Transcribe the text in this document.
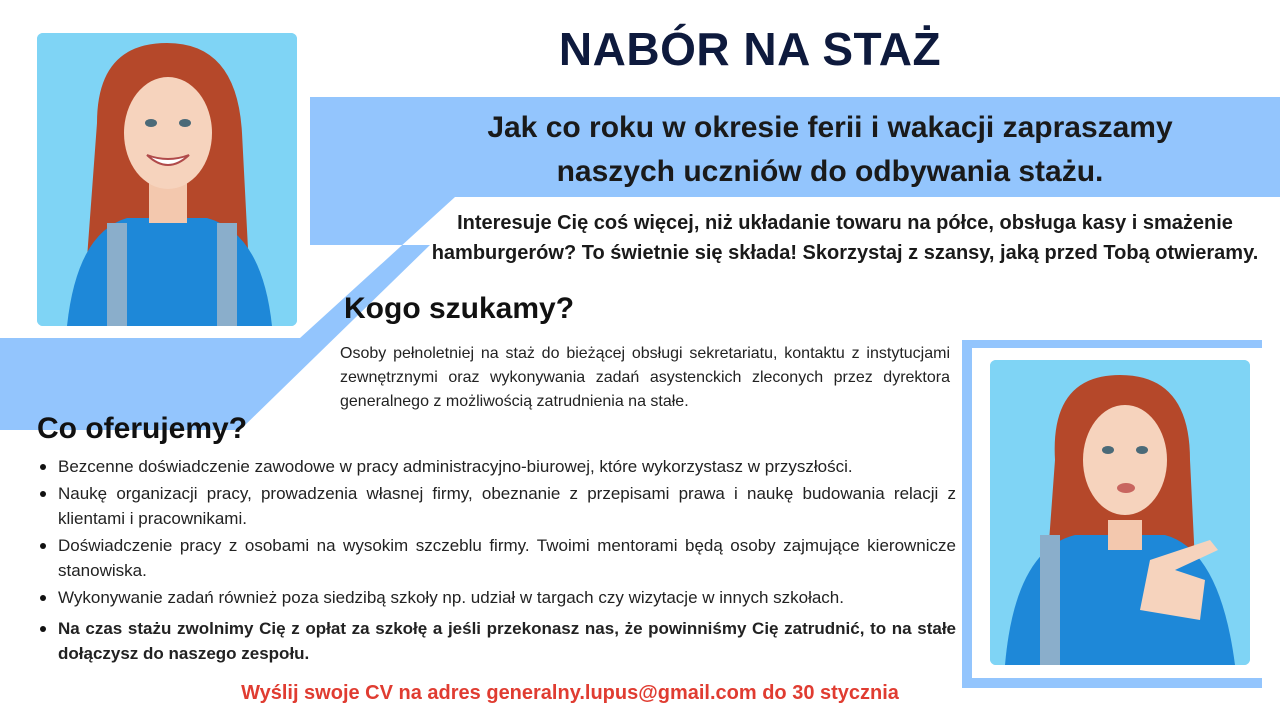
NABÓR NA STAŻ
Jak co roku w okresie ferii i wakacji zapraszamy
naszych uczniów do odbywania stażu.
Interesuje Cię coś więcej, niż układanie towaru na półce, obsługa kasy i smażenie hamburgerów? To świetnie się składa! Skorzystaj z szansy, jaką przed Tobą otwieramy.
Kogo szukamy?
Osoby pełnoletniej na staż do bieżącej obsługi sekretariatu, kontaktu z instytucjami zewnętrznymi oraz wykonywania zadań asystenckich zleconych przez dyrektora generalnego z możliwością zatrudnienia na stałe.
Co oferujemy?
Bezcenne doświadczenie zawodowe w pracy administracyjno-biurowej, które wykorzystasz w przyszłości.
Naukę organizacji pracy, prowadzenia własnej firmy, obeznanie z przepisami prawa i naukę budowania relacji z klientami i pracownikami.
Doświadczenie pracy z osobami na wysokim szczeblu firmy. Twoimi mentorami będą osoby zajmujące kierownicze stanowiska.
Wykonywanie zadań również poza siedzibą szkoły np. udział w targach czy wizytacje w innych szkołach.
Na czas stażu zwolnimy Cię z opłat za szkołę a jeśli przekonasz nas, że powinniśmy Cię zatrudnić, to na stałe dołączysz do naszego zespołu.
Wyślij swoje CV na adres generalny.lupus@gmail.com do 30 stycznia
